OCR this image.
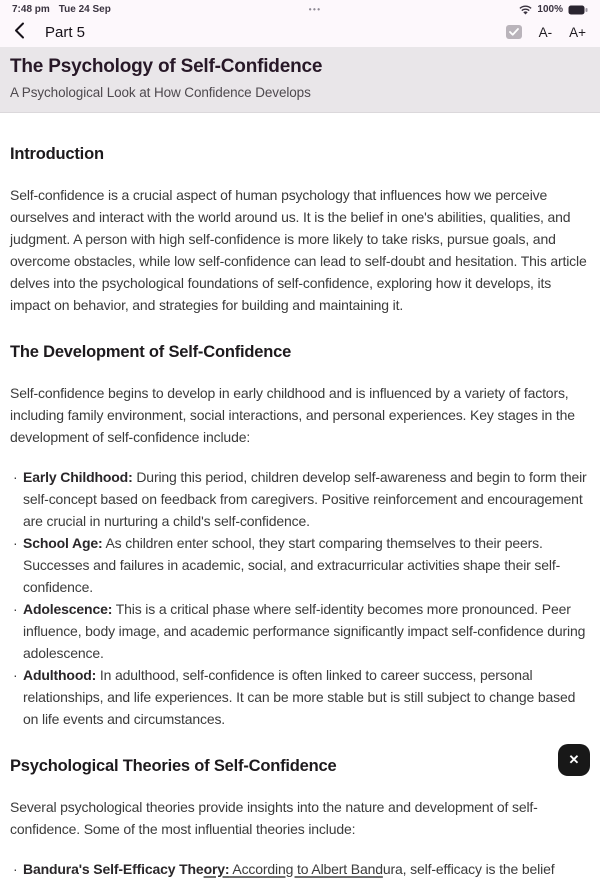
7:48 pm Tue 24 Sep	•••	100%
Part 5	A- A+
The Psychology of Self-Confidence

A Psychological Look at How Confidence Develops

Introduction

Self-confidence is a crucial aspect of human psychology that influences how we perceive ourselves and interact with the world around us. It is the belief in one's abilities, qualities, and judgment. A person with high self-confidence is more likely to take risks, pursue goals, and overcome obstacles, while low self-confidence can lead to self-doubt and hesitation. This article delves into the psychological foundations of self-confidence, exploring how it develops, its impact on behavior, and strategies for building and maintaining it.

The Development of Self-Confidence

Self-confidence begins to develop in early childhood and is influenced by a variety of factors, including family environment, social interactions, and personal experiences. Key stages in the development of self-confidence include:

· Early Childhood: During this period, children develop self-awareness and begin to form their self-concept based on feedback from caregivers. Positive reinforcement and encouragement are crucial in nurturing a child's self-confidence.
· School Age: As children enter school, they start comparing themselves to their peers. Successes and failures in academic, social, and extracurricular activities shape their self-confidence.
· Adolescence: This is a critical phase where self-identity becomes more pronounced. Peer influence, body image, and academic performance significantly impact self-confidence during adolescence.
· Adulthood: In adulthood, self-confidence is often linked to career success, personal relationships, and life experiences. It can be more stable but is still subject to change based on life events and circumstances.
Psychological Theories of Self-Confidence

Several psychological theories provide insights into the nature and development of self-confidence. Some of the most influential theories include:

· Bandura's Self-Efficacy Theory: According to Albert Bandura, self-efficacy is the belief
✕
